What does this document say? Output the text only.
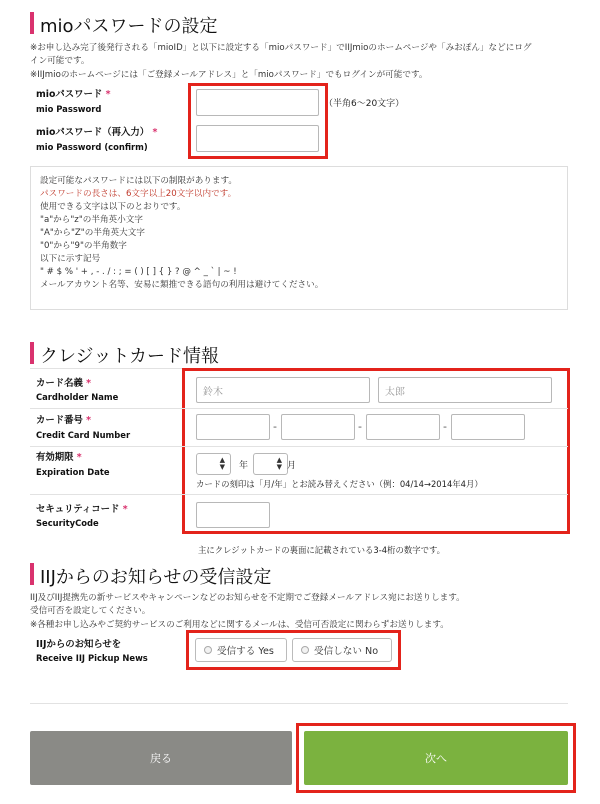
mioパスワードの設定
※お申し込み完了後発行される「mioID」と以下に設定する「mioパスワード」でIIJmioのホームページや「みおぽん」などにログ
イン可能です。
※IIJmioのホームページには「ご登録メールアドレス」と「mioパスワード」でもログインが可能です。
mioパスワード *
mio Password	（半角6〜20文字）
mioパスワード（再入力） *
mio Password (confirm)
設定可能なパスワードには以下の制限があります。
パスワードの長さは、6文字以上20文字以内です。
使用できる文字は以下のとおりです。
"a"から"z"の半角英小文字
"A"から"Z"の半角英大文字
"0"から"9"の半角数字
以下に示す記号
" # $ % ' + , - . / : ; = ( ) [ ] { } ? @ ^ _ ` | ~ !
メールアカウント名等、安易に類推できる語句の利用は避けてください。
クレジットカード情報
カード名義 *
Cardholder Name	鈴木	太郎
カード番号 *
Credit Card Number
-	-	-
有効期限 *
Expiration Date
▲
▼ 年
▲
▼ 月
カードの刻印は「月/年」とお読み替えください（例：04/14→2014年4月）
セキュリティコード *
SecurityCode
主にクレジットカードの裏面に記載されている3-4桁の数字です。
IIJからのお知らせの受信設定
IIJ及びIIJ提携先の新サービスやキャンペーンなどのお知らせを不定期でご登録メールアドレス宛にお送りします。
受信可否を設定してください。
※各種お申し込みやご契約サービスのご利用などに関するメールは、受信可否設定に関わらずお送りします。
IIJからのお知らせを
Receive IIJ Pickup News
受信する Yes	受信しない No
戻る	次へ
